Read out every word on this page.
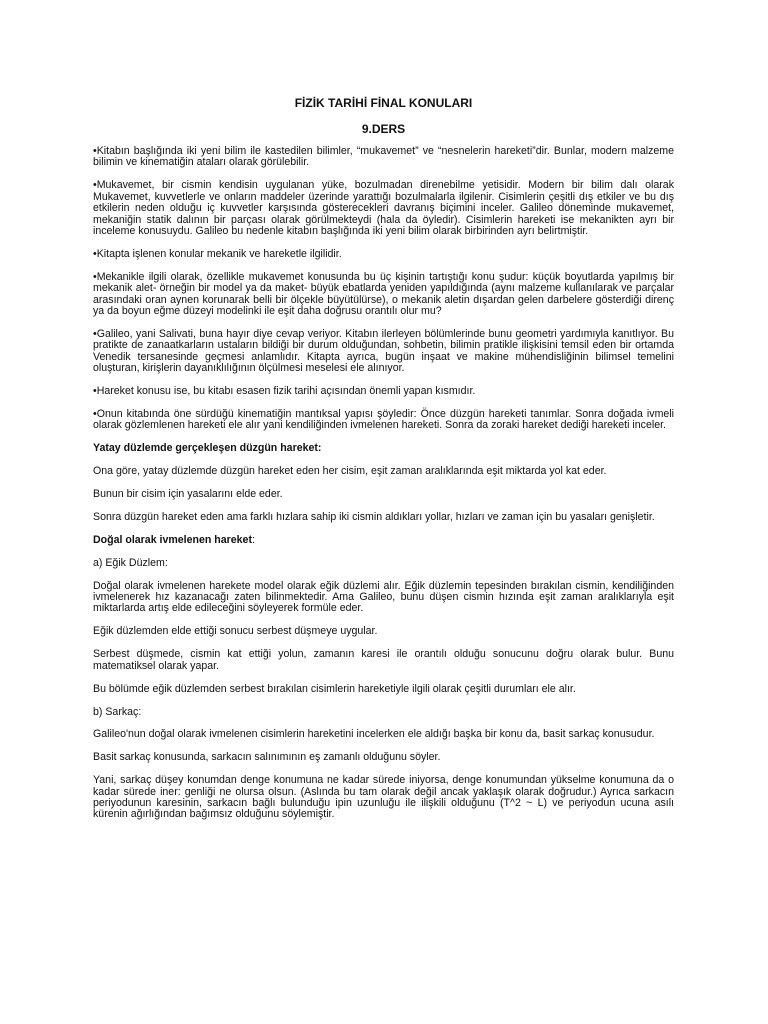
FİZİK TARİHİ FİNAL KONULARI
9.DERS

•Kitabın başlığında iki yeni bilim ile kastedilen bilimler, “mukavemet” ve “nesnelerin hareketi”dir. Bunlar, modern malzeme bilimin ve kinematiğin ataları olarak görülebilir.

•Mukavemet, bir cismin kendisin uygulanan yüke, bozulmadan direnebilme yetisidir. Modern bir bilim dalı olarak Mukavemet, kuvvetlerle ve onların maddeler üzerinde yarattığı bozulmalarla ilgilenir. Cisimlerin çeşitli dış etkiler ve bu dış etkilerin neden olduğu iç kuvvetler karşısında gösterecekleri davranış biçimini inceler. Galileo döneminde mukavemet, mekaniğin statik dalının bir parçası olarak görülmekteydi (hala da öyledir). Cisimlerin hareketi ise mekanikten ayrı bir inceleme konusuydu. Galileo bu nedenle kitabın başlığında iki yeni bilim olarak birbirinden ayrı belirtmiştir.

•Kitapta işlenen konular mekanik ve hareketle ilgilidir.

•Mekanikle ilgili olarak, özellikle mukavemet konusunda bu üç kişinin tartıştığı konu şudur: küçük boyutlarda yapılmış bir mekanik alet- örneğin bir model ya da maket- büyük ebatlarda yeniden yapıldığında (aynı malzeme kullanılarak ve parçalar arasındaki oran aynen korunarak belli bir ölçekle büyütülürse), o mekanik aletin dışardan gelen darbelere gösterdiği direnç ya da boyun eğme düzeyi modelinki ile eşit daha doğrusu orantılı olur mu?

•Galileo, yani Salivati, buna hayır diye cevap veriyor. Kitabın ilerleyen bölümlerinde bunu geometri yardımıyla kanıtlıyor. Bu pratikte de zanaatkarların ustaların bildiği bir durum olduğundan, sohbetin, bilimin pratikle ilişkisini temsil eden bir ortamda Venedik tersanesinde geçmesi anlamlıdır. Kitapta ayrıca, bugün inşaat ve makine mühendisliğinin bilimsel temelini oluşturan, kirişlerin dayanıklılığının ölçülmesi meselesi ele alınıyor.

•Hareket konusu ise, bu kitabı esasen fizik tarihi açısından önemli yapan kısmıdır.

•Onun kitabında öne sürdüğü kinematiğin mantıksal yapısı şöyledir: Önce düzgün hareketi tanımlar. Sonra doğada ivmeli olarak gözlemlenen hareketi ele alır yani kendiliğinden ivmelenen hareketi. Sonra da zoraki hareket dediği hareketi inceler.

Yatay düzlemde gerçekleşen düzgün hareket:

Ona göre, yatay düzlemde düzgün hareket eden her cisim, eşit zaman aralıklarında eşit miktarda yol kat eder.

Bunun bir cisim için yasalarını elde eder.

Sonra düzgün hareket eden ama farklı hızlara sahip iki cismin aldıkları yollar, hızları ve zaman için bu yasaları genişletir.

Doğal olarak ivmelenen hareket:

a) Eğik Düzlem:

Doğal olarak ivmelenen harekete model olarak eğik düzlemi alır. Eğik düzlemin tepesinden bırakılan cismin, kendiliğinden ivmelenerek hız kazanacağı zaten bilinmektedir. Ama Galileo, bunu düşen cismin hızında eşit zaman aralıklarıyla eşit miktarlarda artış elde edileceğini söyleyerek formüle eder.

Eğik düzlemden elde ettiği sonucu serbest düşmeye uygular.

Serbest düşmede, cismin kat ettiği yolun, zamanın karesi ile orantılı olduğu sonucunu doğru olarak bulur. Bunu matematiksel olarak yapar.

Bu bölümde eğik düzlemden serbest bırakılan cisimlerin hareketiyle ilgili olarak çeşitli durumları ele alır.

b) Sarkaç:

Galileo'nun doğal olarak ivmelenen cisimlerin hareketini incelerken ele aldığı başka bir konu da, basit sarkaç konusudur.

Basit sarkaç konusunda, sarkacın salınımının eş zamanlı olduğunu söyler.

Yani, sarkaç düşey konumdan denge konumuna ne kadar sürede iniyorsa, denge konumundan yükselme konumuna da o kadar sürede iner: genliği ne olursa olsun. (Aslında bu tam olarak değil ancak yaklaşık olarak doğrudur.) Ayrıca sarkacın periyodunun karesinin, sarkacın bağlı bulunduğu ipin uzunluğu ile ilişkili olduğunu (T^2 ~ L) ve periyodun ucuna asılı kürenin ağırlığından bağımsız olduğunu söylemiştir.
